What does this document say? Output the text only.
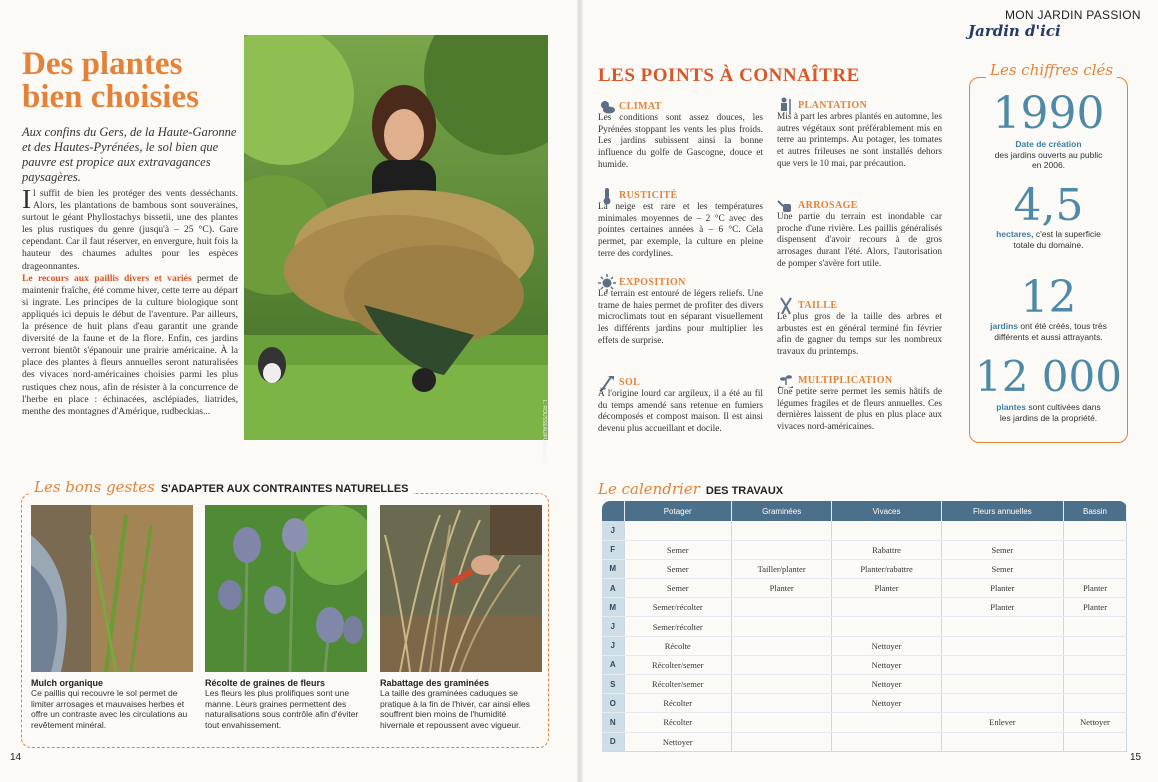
Des plantes bien choisies

Aux confins du Gers, de la Haute-Garonne et des Hautes-Pyrénées, le sol bien que pauvre est propice aux extravagances paysagères.

Il suffit de bien les protéger des vents desséchants. Alors, les plantations de bambous sont souveraines, surtout le géant Phyllostachys bissetii, une des plantes les plus rustiques du genre (jusqu'à – 25 °C). Gare cependant. Car il faut réserver, en envergure, huit fois la hauteur des chaumes adultes pour les espèces drageonnantes.

Le recours aux paillis divers et variés permet de maintenir fraîche, été comme hiver, cette terre au départ si ingrate. Les principes de la culture biologique sont appliqués ici depuis le début de l'aventure. Par ailleurs, la présence de huit plans d'eau garantit une grande diversité de la faune et de la flore. Enfin, ces jardins verront bientôt s'épanouir une prairie américaine. À la place des plantes à fleurs annuelles seront naturalisées des vivaces nord-américaines choisies parmi les plus rustiques chez nous, afin de résister à la concurrence de l'herbe en place : échinacées, asclépiades, liatrides, menthe des montagnes d'Amérique, rudbeckias...	L. ROUSSEAU/FUNPHOTO
Les bons gestes S'ADAPTER AUX CONTRAINTES NATURELLES
Mulch organique
Ce paillis qui recouvre le sol permet de limiter arrosages et mauvaises herbes et offre un contraste avec les circulations au revêtement minéral.
Récolte de graines de fleurs
Les fleurs les plus prolifiques sont une manne. Leurs graines permettent des naturalisations sous contrôle afin d'éviter tout envahissement.
Rabattage des graminées
La taille des graminées caduques se pratique à la fin de l'hiver, car ainsi elles souffrent bien moins de l'humidité hivernale et repoussent avec vigueur.
14
MON JARDIN PASSION
Jardin d'ici
LES POINTS À CONNAÎTRE
CLIMAT
Les conditions sont assez douces, les Pyrénées stoppant les vents les plus froids. Les jardins subissent ainsi la bonne influence du golfe de Gascogne, douce et humide.
RUSTICITÉ
La neige est rare et les températures minimales moyennes de – 2 °C avec des pointes certaines années à – 6 °C. Cela permet, par exemple, la culture en pleine terre des cordylines.
EXPOSITION
Le terrain est entouré de légers reliefs. Une trame de haies permet de profiter des divers microclimats tout en séparant visuellement les différents jardins pour multiplier les effets de surprise.
SOL
À l'origine lourd car argileux, il a été au fil du temps amendé sans retenue en fumiers décomposés et compost maison. Il est ainsi devenu plus accueillant et docile.
PLANTATION
Mis à part les arbres plantés en automne, les autres végétaux sont préférablement mis en terre au printemps. Au potager, les tomates et autres frileuses ne sont installés dehors que vers le 10 mai, par précaution.
ARROSAGE
Une partie du terrain est inondable car proche d'une rivière. Les paillis généralisés dispensent d'avoir recours à de gros arrosages durant l'été. Alors, l'autorisation de pomper s'avère fort utile.
TAILLE
Le plus gros de la taille des arbres et arbustes est en général terminé fin février afin de gagner du temps sur les nombreux travaux du printemps.
MULTIPLICATION
Une petite serre permet les semis hâtifs de légumes fragiles et de fleurs annuelles. Ces dernières laissent de plus en plus place aux vivaces nord-américaines.
Les chiffres clés
1990
Date de création
des jardins ouverts au public en 2006.
4,5
hectares, c'est la superficie totale du domaine.
12
jardins ont été créés, tous très différents et aussi attrayants.
12 000
plantes sont cultivées dans les jardins de la propriété.
Le calendrier DES TRAVAUX
	Potager	Graminées	Vivaces	Fleurs annuelles	Bassin
J					
F	Semer		Rabattre	Semer	
M	Semer	Tailler/planter	Planter/rabattre	Semer	
A	Semer	Planter	Planter	Planter	Planter
M	Semer/récolter			Planter	Planter
J	Semer/récolter				
J	Récolte		Nettoyer		
A	Récolter/semer		Nettoyer		
S	Récolter/semer		Nettoyer		
O	Récolter		Nettoyer		
N	Récolter			Enlever	Nettoyer
D	Nettoyer				
15
